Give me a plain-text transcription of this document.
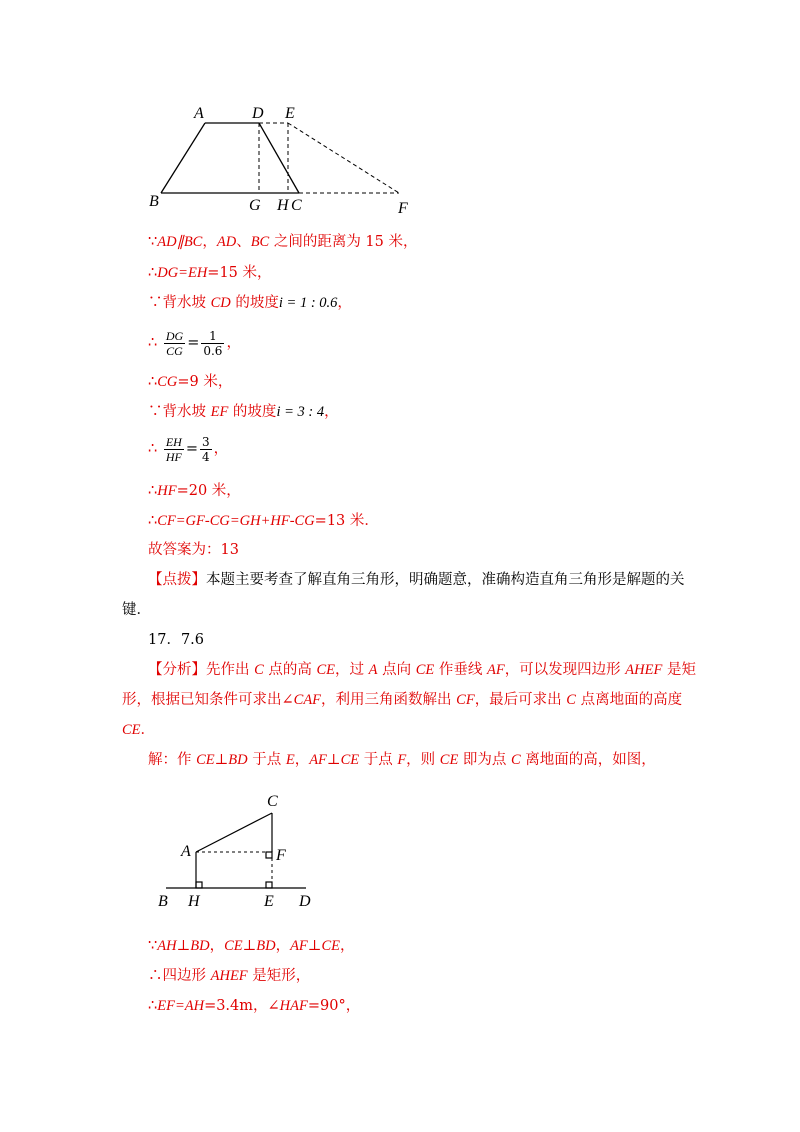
A	D E
B	G H C	F
∵AD∥BC，AD、BC 之间的距离为 15 米，
∴DG=EH=15 米，
∵背水坡 CD 的坡度i = 1 : 0.6，
∴ $\frac{DG}{CG} = \frac{1}{0.6}$ ，
∴CG=9 米，
∵背水坡 EF 的坡度i = 3 : 4，
∴ $\frac{EH}{HF} = \frac{3}{4}$ ，
∴HF=20 米，
∴CF=GF-CG=GH+HF-CG=13 米．
故答案为：13
【点拨】本题主要考查了解直角三角形，明确题意，准确构造直角三角形是解题的关
键．
17．7.6
【分析】先作出 C 点的高 CE，过 A 点向 CE 作垂线 AF，可以发现四边形 AHEF 是矩
形，根据已知条件可求出∠CAF，利用三角函数解出 CF，最后可求出 C 点离地面的高度
CE．
解：作 CE⊥BD 于点 E，AF⊥CE 于点 F，则 CE 即为点 C 离地面的高，如图，
C
A	F
B H	E D
∵AH⊥BD，CE⊥BD，AF⊥CE，
∴四边形 AHEF 是矩形，
∴EF=AH=3.4m，∠HAF=90°，
